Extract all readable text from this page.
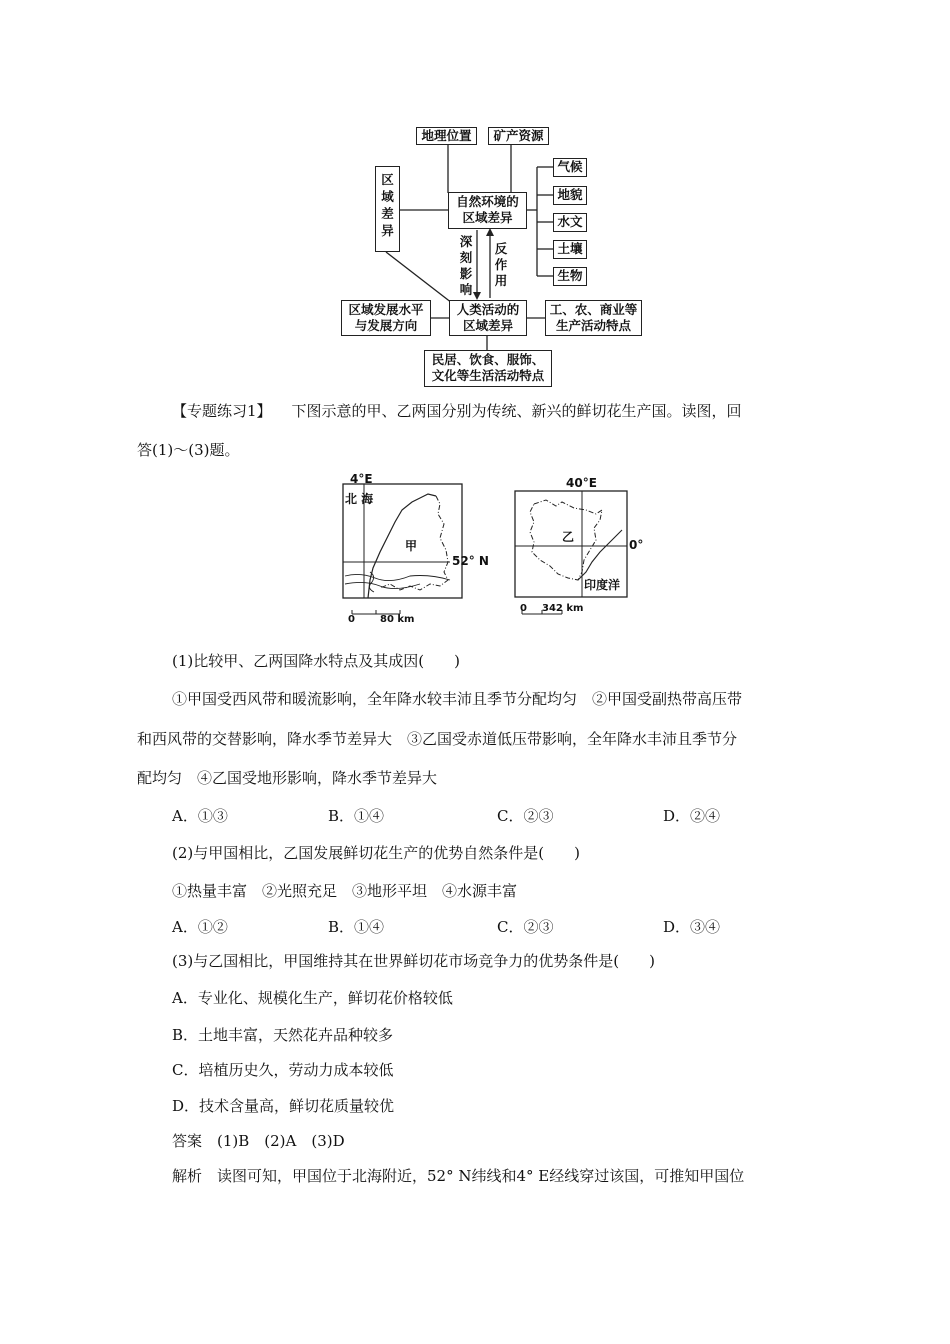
地理位置	矿产资源
区域差异
自然环境的
区域差异
气候
地貌
水文
土壤
生物
深刻影响
反作用
区域发展水平
与发展方向
人类活动的
区域差异
工、农、商业等
生产活动特点
民居、饮食、服饰、
文化等生活活动特点
【专题练习1】 下图示意的甲、乙两国分别为传统、新兴的鲜切花生产国。读图，回
答(1)～(3)题。
4°E
北 海
甲
52° N
0	80 km
40°E
乙
0°
印度洋
0 342 km
(1)比较甲、乙两国降水特点及其成因(　　)
①甲国受西风带和暖流影响，全年降水较丰沛且季节分配均匀　②甲国受副热带高压带
和西风带的交替影响，降水季节差异大　③乙国受赤道低压带影响，全年降水丰沛且季节分
配均匀　④乙国受地形影响，降水季节差异大
A．①③	B．①④	C．②③	D．②④
(2)与甲国相比，乙国发展鲜切花生产的优势自然条件是(　　)
①热量丰富　②光照充足　③地形平坦　④水源丰富
A．①②	B．①④	C．②③	D．③④
(3)与乙国相比，甲国维持其在世界鲜切花市场竞争力的优势条件是(　　)
A．专业化、规模化生产，鲜切花价格较低
B．土地丰富，天然花卉品种较多
C．培植历史久，劳动力成本较低
D．技术含量高，鲜切花质量较优
答案　(1)B　(2)A　(3)D
解析　读图可知，甲国位于北海附近，52° N纬线和4° E经线穿过该国，可推知甲国位
